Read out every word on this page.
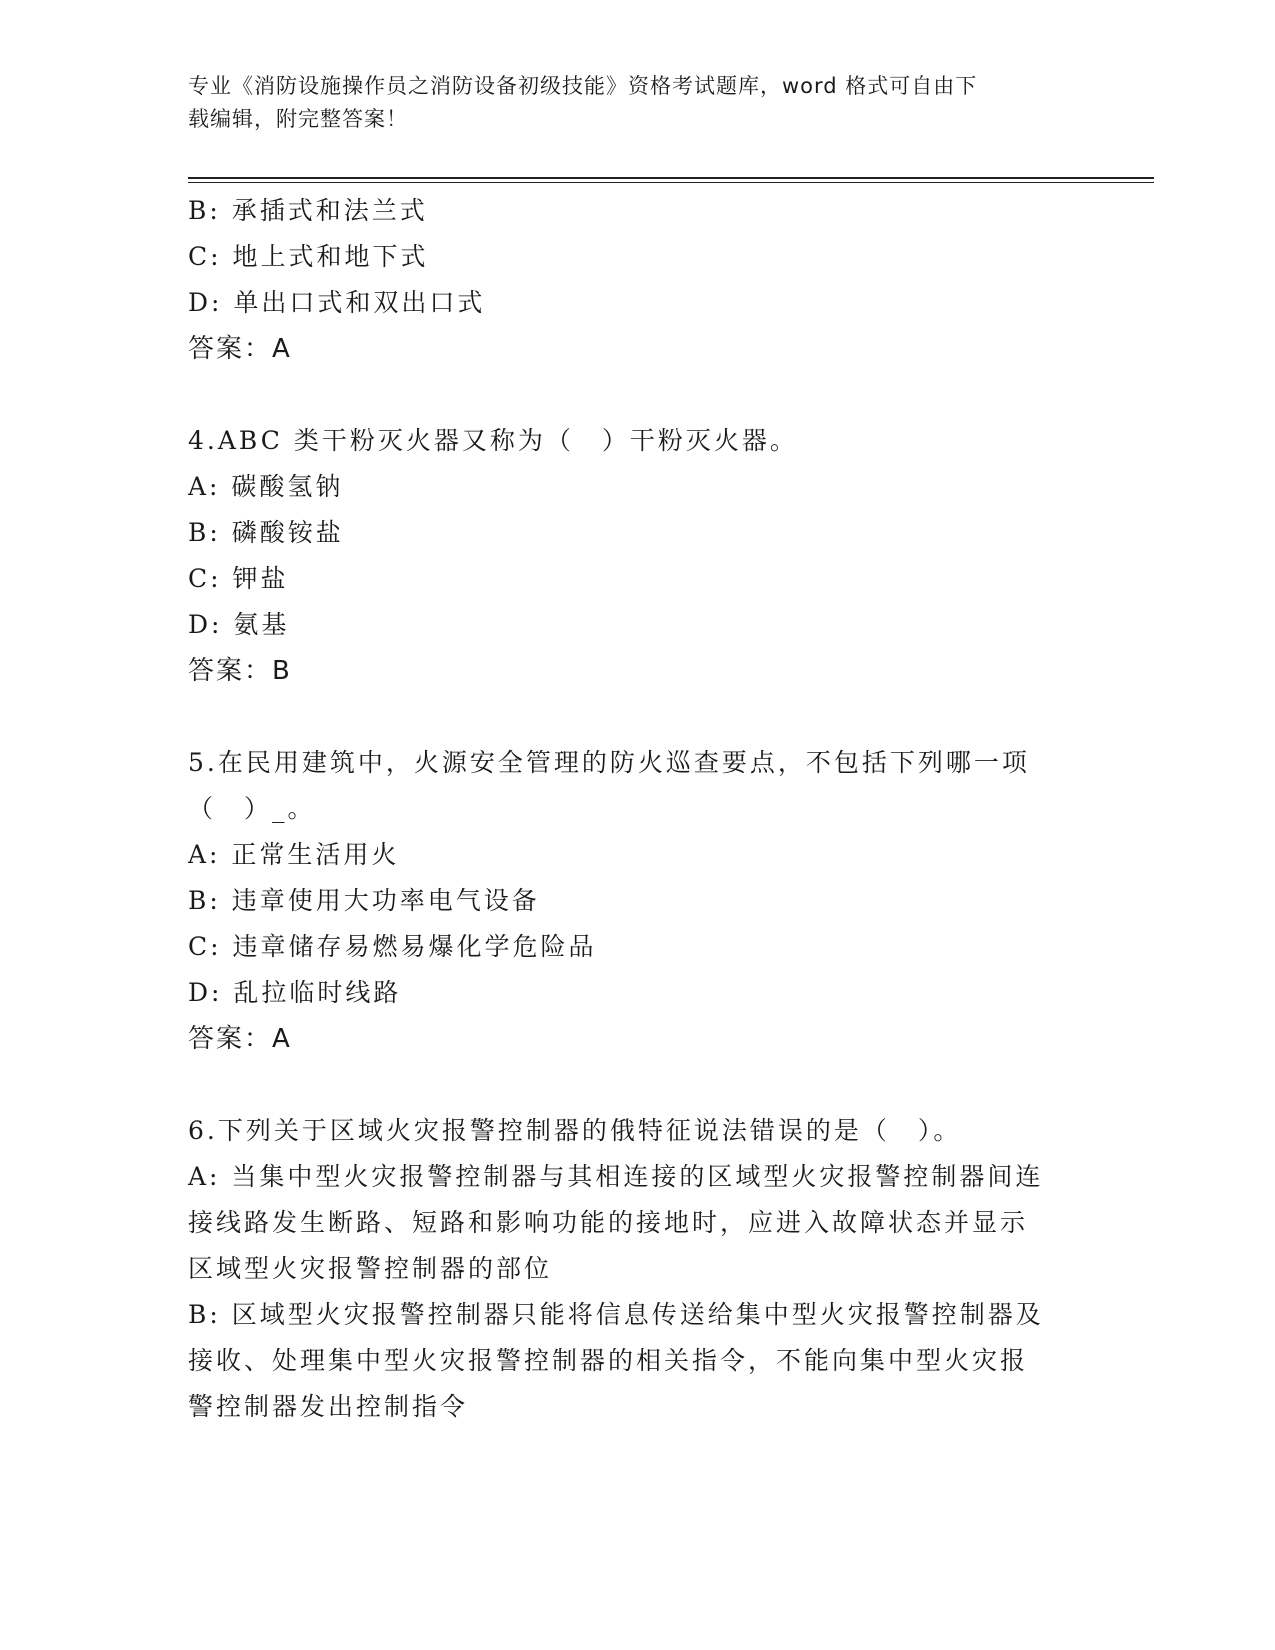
专业《消防设施操作员之消防设备初级技能》资格考试题库，word 格式可自由下
载编辑，附完整答案！
B: 承插式和法兰式
C: 地上式和地下式
D: 单出口式和双出口式
答案：A
4.ABC 类干粉灭火器又称为（　）干粉灭火器。
A: 碳酸氢钠
B: 磷酸铵盐
C: 钾盐
D: 氨基
答案：B
5.在民用建筑中，火源安全管理的防火巡查要点，不包括下列哪一项
（　）_。
A: 正常生活用火
B: 违章使用大功率电气设备
C: 违章储存易燃易爆化学危险品
D: 乱拉临时线路
答案：A
6.下列关于区域火灾报警控制器的俄特征说法错误的是（　）。
A: 当集中型火灾报警控制器与其相连接的区域型火灾报警控制器间连
接线路发生断路、短路和影响功能的接地时，应进入故障状态并显示
区域型火灾报警控制器的部位
B: 区域型火灾报警控制器只能将信息传送给集中型火灾报警控制器及
接收、处理集中型火灾报警控制器的相关指令，不能向集中型火灾报
警控制器发出控制指令
